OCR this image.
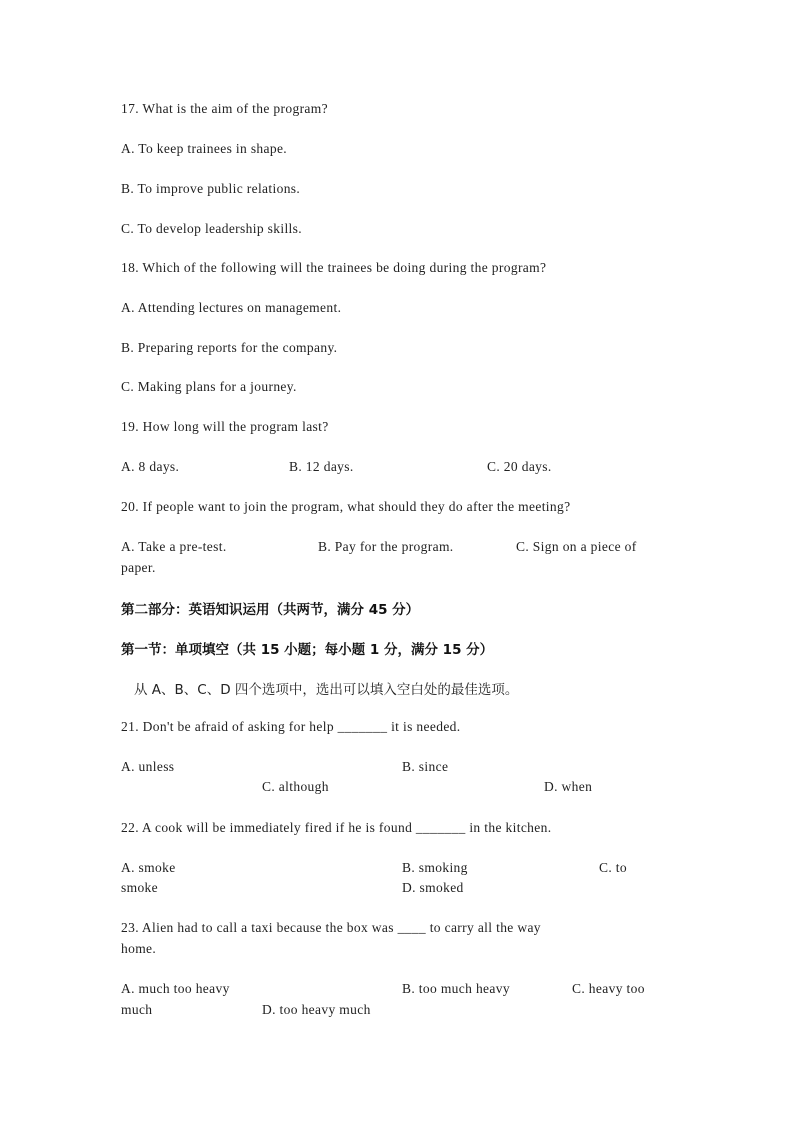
17. What is the aim of the program?
A. To keep trainees in shape.
B. To improve public relations.
C. To develop leadership skills.
18. Which of the following will the trainees be doing during the program?
A. Attending lectures on management.
B. Preparing reports for the company.
C. Making plans for a journey.
19. How long will the program last?
A. 8 days.	B. 12 days.	C. 20 days.
20. If people want to join the program, what should they do after the meeting?
A. Take a pre-test.	B. Pay for the program.	C. Sign on a piece of
paper.
第二部分：英语知识运用（共两节，满分 45 分）
第一节：单项填空（共 15 小题；每小题 1 分，满分 15 分）
从 A、B、C、D 四个选项中，选出可以填入空白处的最佳选项。
21. Don't be afraid of asking for help _______ it is needed.
A. unless	B. since
C. although	D. when
22. A cook will be immediately fired if he is found _______ in the kitchen.
A. smoke	B. smoking	C. to
smoke	D. smoked
23. Alien had to call a taxi because the box was ____ to carry all the way
home.
A. much too heavy	B. too much heavy	C. heavy too
much	D. too heavy much
